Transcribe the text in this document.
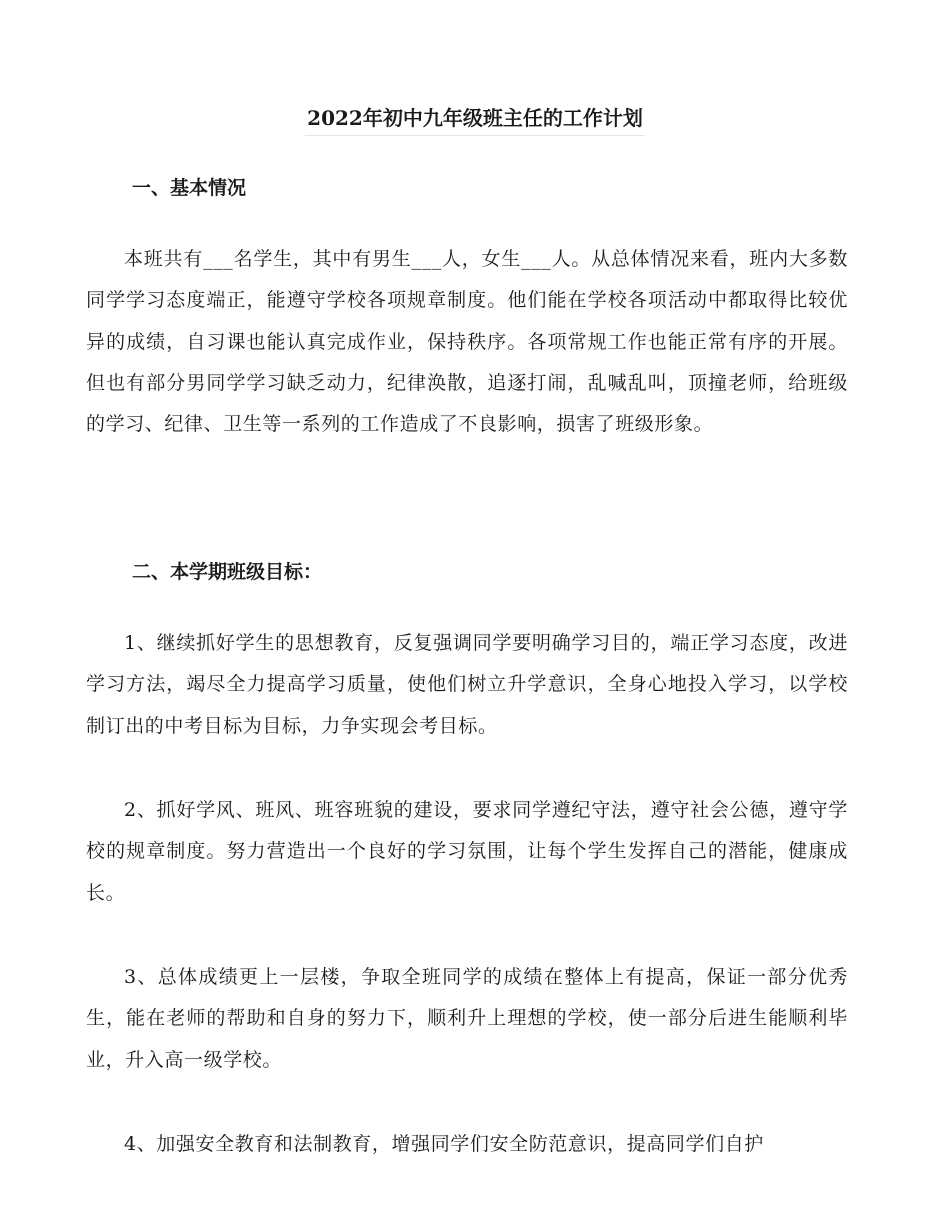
2022年初中九年级班主任的工作计划
一、基本情况

本班共有___名学生，其中有男生___人，女生___人。从总体情况来看，班内大多数同学学习态度端正，能遵守学校各项规章制度。他们能在学校各项活动中都取得比较优异的成绩，自习课也能认真完成作业，保持秩序。各项常规工作也能正常有序的开展。但也有部分男同学学习缺乏动力，纪律涣散，追逐打闹，乱喊乱叫，顶撞老师，给班级的学习、纪律、卫生等一系列的工作造成了不良影响，损害了班级形象。

二、本学期班级目标：

1、继续抓好学生的思想教育，反复强调同学要明确学习目的，端正学习态度，改进学习方法，竭尽全力提高学习质量，使他们树立升学意识，全身心地投入学习，以学校制订出的中考目标为目标，力争实现会考目标。

2、抓好学风、班风、班容班貌的建设，要求同学遵纪守法，遵守社会公德，遵守学校的规章制度。努力营造出一个良好的学习氛围，让每个学生发挥自己的潜能，健康成长。

3、总体成绩更上一层楼，争取全班同学的成绩在整体上有提高，保证一部分优秀生，能在老师的帮助和自身的努力下，顺利升上理想的学校，使一部分后进生能顺利毕业，升入高一级学校。

4、加强安全教育和法制教育，增强同学们安全防范意识，提高同学们自护
